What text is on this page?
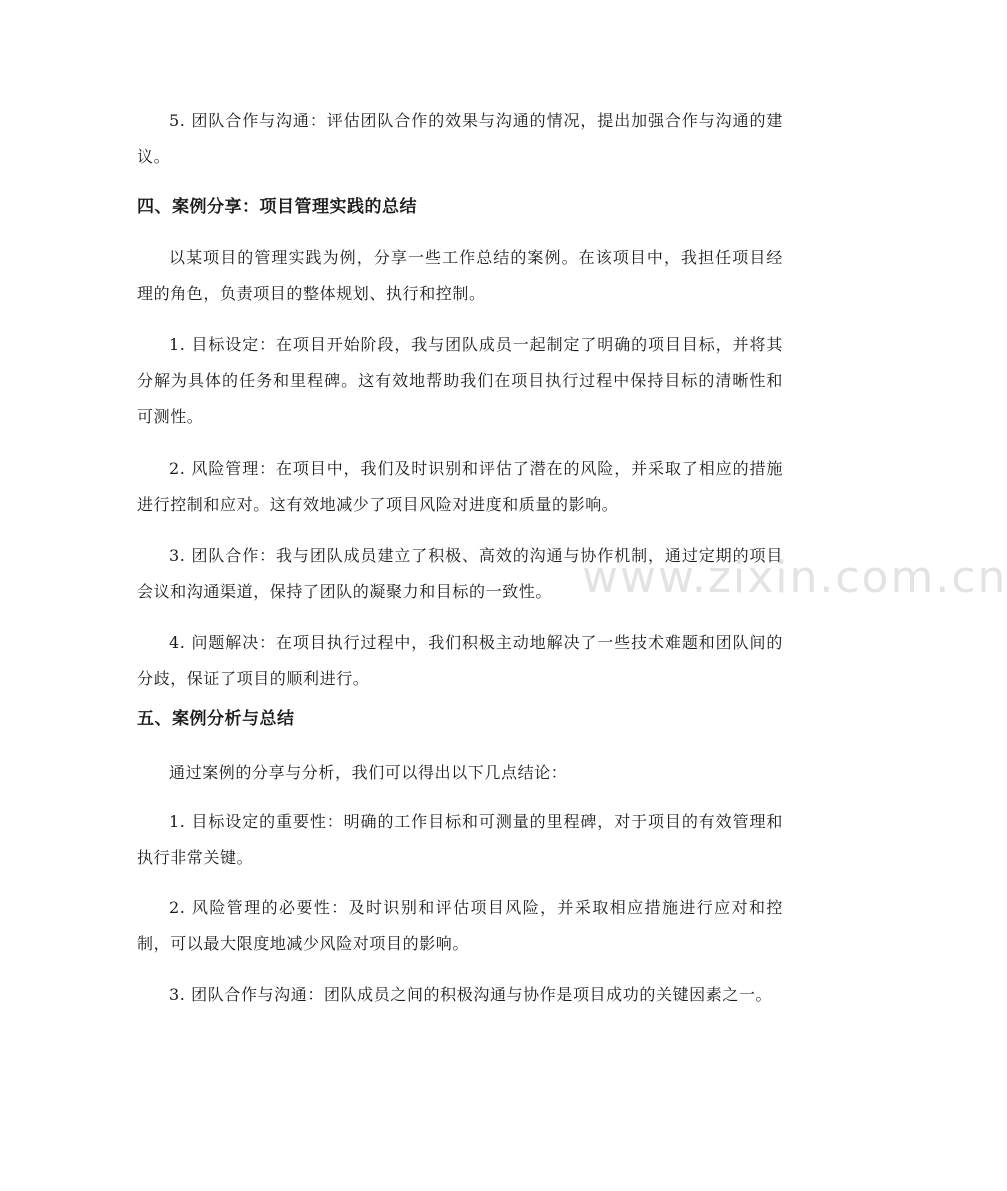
5. 团队合作与沟通：评估团队合作的效果与沟通的情况，提出加强合作与沟通的建议。

四、案例分享：项目管理实践的总结

以某项目的管理实践为例，分享一些工作总结的案例。在该项目中，我担任项目经理的角色，负责项目的整体规划、执行和控制。

1. 目标设定：在项目开始阶段，我与团队成员一起制定了明确的项目目标，并将其分解为具体的任务和里程碑。这有效地帮助我们在项目执行过程中保持目标的清晰性和可测性。

2. 风险管理：在项目中，我们及时识别和评估了潜在的风险，并采取了相应的措施进行控制和应对。这有效地减少了项目风险对进度和质量的影响。

3. 团队合作：我与团队成员建立了积极、高效的沟通与协作机制，通过定期的项目会议和沟通渠道，保持了团队的凝聚力和目标的一致性。

4. 问题解决：在项目执行过程中，我们积极主动地解决了一些技术难题和团队间的分歧，保证了项目的顺利进行。

五、案例分析与总结

通过案例的分享与分析，我们可以得出以下几点结论：

1. 目标设定的重要性：明确的工作目标和可测量的里程碑，对于项目的有效管理和执行非常关键。

2. 风险管理的必要性：及时识别和评估项目风险，并采取相应措施进行应对和控制，可以最大限度地减少风险对项目的影响。

3. 团队合作与沟通：团队成员之间的积极沟通与协作是项目成功的关键因素之一。

www.zixin.com.cn
